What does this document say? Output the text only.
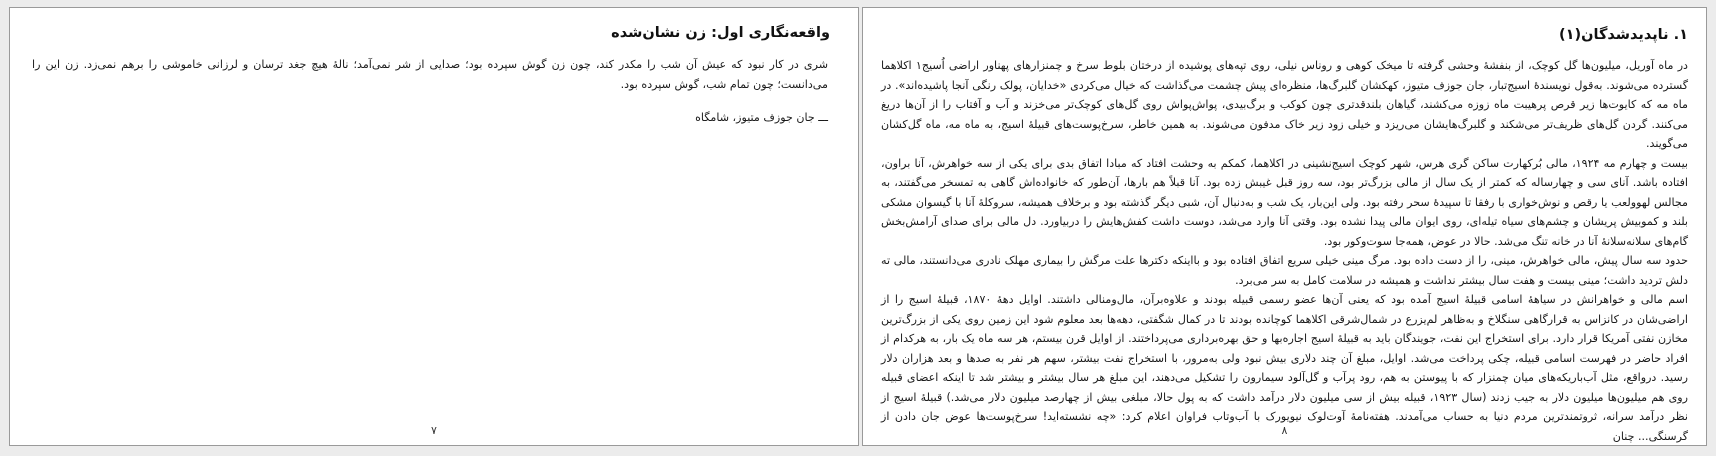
واقعه‌نگاری اول: زن نشان‌شده

شری در کار نبود که عیش آن شب را مکدر کند، چون زن گوش سپرده بود؛ صدایی از شر نمی‌آمد؛ نالهٔ هیچ جغد ترسان و لرزانی خاموشی را برهم نمی‌زد. زن این را می‌دانست؛ چون تمام شب، گوش سپرده بود.

ـــ جان جوزف متیوز، شامگاه

۷
۱. ناپدیدشدگان(۱)

در ماه آوریل، میلیون‌ها گل کوچک، از بنفشهٔ وحشی گرفته تا میخک کوهی و روناس نیلی، روی تپه‌های پوشیده از درختان بلوط سرخ و چمنزارهای پهناور اراضی اُسیج۱ اکلاهما گسترده می‌شوند. به‌قول نویسندهٔ اسیج‌تبار، جان جوزف متیوز، کهکشان گلبرگ‌ها، منظره‌ای پیش چشمت می‌گذاشت که خیال می‌کردی «خدایان، پولک رنگی آنجا پاشیده‌اند». در ماه مه که کایوت‌ها زیر قرص پرهیبت ماه زوزه می‌کشند، گیاهان بلندقدتری چون کوکب و برگ‌بیدی، پواش‌پواش روی گل‌های کوچک‌تر می‌خزند و آب و آفتاب را از آن‌ها دریغ می‌کنند. گردن گل‌های ظریف‌تر می‌شکند و گلبرگ‌هایشان می‌ریزد و خیلی زود زیر خاک مدفون می‌شوند. به همین خاطر، سرخ‌پوست‌های قبیلهٔ اسیج، به ماه مه، ماه گل‌کشان می‌گویند.

بیست و چهارم مه ۱۹۲۴، مالی بُرکهارت ساکن گری هرس، شهر کوچک اسیج‌نشینی در اکلاهما، کمکم به وحشت افتاد که مبادا اتفاق بدی برای یکی از سه خواهرش، آنا براون، افتاده باشد. آنای سی و چهارساله که کمتر از یک سال از مالی بزرگ‌تر بود، سه روز قبل غیبش زده بود. آنا قبلاً هم بارها، آن‌طور که خانواده‌اش گاهی به تمسخر می‌گفتند، به مجالس لهوولعب یا رقص و نوش‌خواری با رفقا تا سپیدهٔ سحر رفته بود. ولی این‌بار، یک شب و به‌دنبال آن، شبی دیگر گذشته بود و برخلاف همیشه، سروکلهٔ آنا با گیسوان مشکی بلند و کموبیش پریشان و چشم‌های سیاه تیله‌ای، روی ایوان مالی پیدا نشده بود. وقتی آنا وارد می‌شد، دوست داشت کفش‌هایش را دربیاورد. دل مالی برای صدای آرامش‌بخش گام‌های سلانه‌سلانهٔ آنا در خانه تنگ می‌شد. حالا در عوض، همه‌جا سوت‌وکور بود.

حدود سه سال پیش، مالی خواهرش، مینی، را از دست داده بود. مرگ مینی خیلی سریع اتفاق افتاده بود و بااینکه دکترها علت مرگش را بیماری مهلک نادری می‌دانستند، مالی ته دلش تردید داشت؛ مینی بیست و هفت سال بیشتر نداشت و همیشه در سلامت کامل به سر می‌برد.

اسم مالی و خواهرانش در سیاههٔ اسامی قبیلهٔ اسیج آمده بود که یعنی آن‌ها عضو رسمی قبیله بودند و علاوه‌برآن، مال‌ومنالی داشتند. اوایل دههٔ ۱۸۷۰، قبیلهٔ اسیج را از اراضی‌شان در کانزاس به قرارگاهی سنگلاخ و به‌ظاهر لم‌یزرع در شمال‌شرقی اکلاهما کوچانده بودند تا در کمال شگفتی، دهه‌ها بعد معلوم شود این زمین روی یکی از بزرگ‌ترین مخازن نفتی آمریکا قرار دارد. برای استخراج این نفت، جویندگان باید به قبیلهٔ اسیج اجاره‌بها و حق بهره‌برداری می‌پرداختند. از اوایل قرن بیستم، هر سه ماه یک بار، به هرکدام از افراد حاضر در فهرست اسامی قبیله، چکی پرداخت می‌شد. اوایل، مبلغ آن چند دلاری بیش نبود ولی به‌مرور، با استخراج نفت بیشتر، سهم هر نفر به صدها و بعد هزاران دلار رسید. درواقع، مثل آب‌باریکه‌های میان چمنزار که با پیوستن به هم، رود پرآب و گل‌آلود سیمارون را تشکیل می‌دهند، این مبلغ هر سال بیشتر و بیشتر شد تا اینکه اعضای قبیله روی هم میلیون‌ها میلیون دلار به جیب زدند (سال ۱۹۲۳، قبیله بیش از سی میلیون دلار درآمد داشت که به پول حالا، مبلغی بیش از چهارصد میلیون دلار می‌شد.) قبیلهٔ اسیج از نظر درآمد سرانه، ثروتمندترین مردم دنیا به حساب می‌آمدند. هفته‌نامهٔ آوت‌لوک نیویورک با آب‌وتاب فراوان اعلام کرد: «چه نشسته‌اید! سرخ‌پوست‌ها عوض جان دادن از گرسنگی... چنان

۸
